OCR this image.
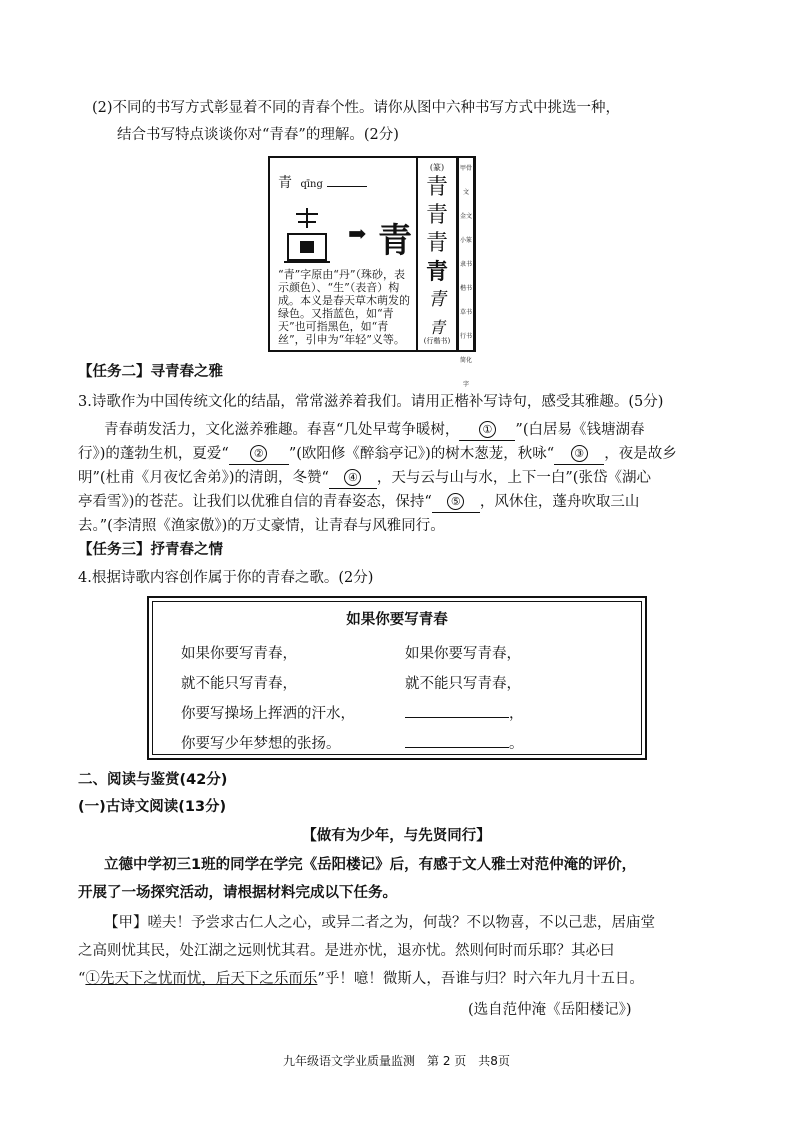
(2)不同的书写方式彰显着不同的青春个性。请你从图中六种书写方式中挑选一种，
结合书写特点谈谈你对“青春”的理解。(2分)
青 qīng
➡ 青
“青”字原由“丹”（珠砂，表示颜色）、“生”（表音）构成。本义是春天草木萌发的绿色。又指蓝色，如“青天”也可指黑色，如“青丝”，引申为“年轻”义等。
(篆)
青
青
青
青
青
青
(行楷书)
甲骨文
金文
小篆
隶书
楷书
草书
行书
简化字
【任务二】寻青春之雅
3.诗歌作为中国传统文化的结晶，常常滋养着我们。请用正楷补写诗句，感受其雅趣。(5分)
青春萌发活力，文化滋养雅趣。春喜“几处早莺争暖树， ① ”(白居易《钱塘湖春
行》)的蓬勃生机，夏爱“ ② ”(欧阳修《醉翁亭记》)的树木葱茏，秋咏“ ③ ，夜是故乡
明”(杜甫《月夜忆舍弟》)的清朗，冬赞“ ④ ，天与云与山与水，上下一白”(张岱《湖心
亭看雪》)的苍茫。让我们以优雅自信的青春姿态，保持“ ⑤ ，风休住，蓬舟吹取三山
去。”(李清照《渔家傲》)的万丈豪情，让青春与风雅同行。
【任务三】抒青春之情
4.根据诗歌内容创作属于你的青春之歌。(2分)
如果你要写青春
如果你要写青春，
就不能只写青春，
你要写操场上挥洒的汗水，
你要写少年梦想的张扬。
如果你要写青春，
就不能只写青春，
，
。
二、阅读与鉴赏(42分)
(一)古诗文阅读(13分)
【做有为少年，与先贤同行】
立德中学初三1班的同学在学完《岳阳楼记》后，有感于文人雅士对范仲淹的评价，
开展了一场探究活动，请根据材料完成以下任务。
【甲】嗟夫！予尝求古仁人之心，或异二者之为，何哉？不以物喜，不以己悲，居庙堂
之高则忧其民，处江湖之远则忧其君。是进亦忧，退亦忧。然则何时而乐耶？其必曰
“①先天下之忧而忧，后天下之乐而乐”乎！噫！微斯人，吾谁与归？时六年九月十五日。
(选自范仲淹《岳阳楼记》)
九年级语文学业质量监测　第 2 页　共8页
